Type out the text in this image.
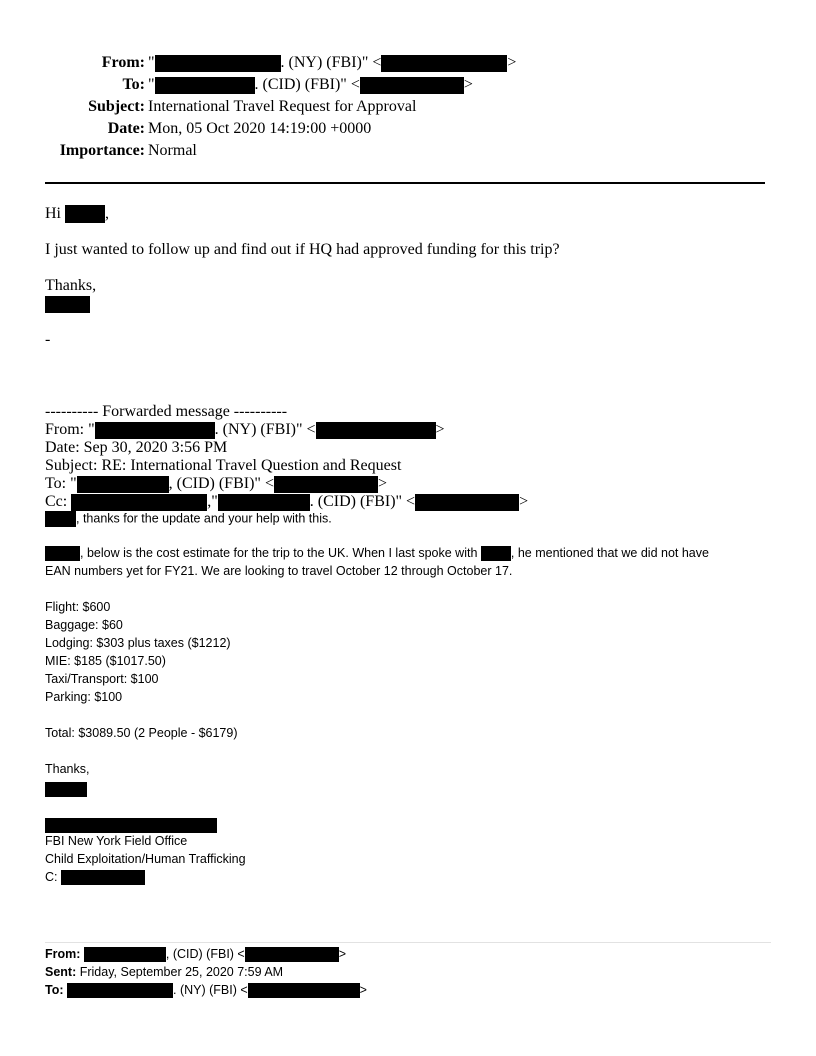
From: "	. (NY) (FBI)" <	>
To: "	. (CID) (FBI)" <	>
Subject: International Travel Request for Approval
Date: Mon, 05 Oct 2020 14:19:00 +0000
Importance: Normal
Hi	,
I just wanted to follow up and find out if HQ had approved funding for this trip?
Thanks,
-
---------- Forwarded message ----------
From: "	. (NY) (FBI)" <	>
Date: Sep 30, 2020 3:56 PM
Subject: RE: International Travel Question and Request
To: "	, (CID) (FBI)" <	>
Cc:	,"	. (CID) (FBI)" <	>
, thanks for the update and your help with this.
, below is the cost estimate for the trip to the UK. When I last spoke with	, he mentioned that we did not have
EAN numbers yet for FY21. We are looking to travel October 12 through October 17.
Flight: $600
Baggage: $60
Lodging: $303 plus taxes ($1212)
MIE: $185 ($1017.50)
Taxi/Transport: $100
Parking: $100
Total: $3089.50 (2 People - $6179)
Thanks,
FBI New York Field Office
Child Exploitation/Human Trafficking
C:
From:	, (CID) (FBI) <	>
Sent: Friday, September 25, 2020 7:59 AM
To:	. (NY) (FBI) <	>
